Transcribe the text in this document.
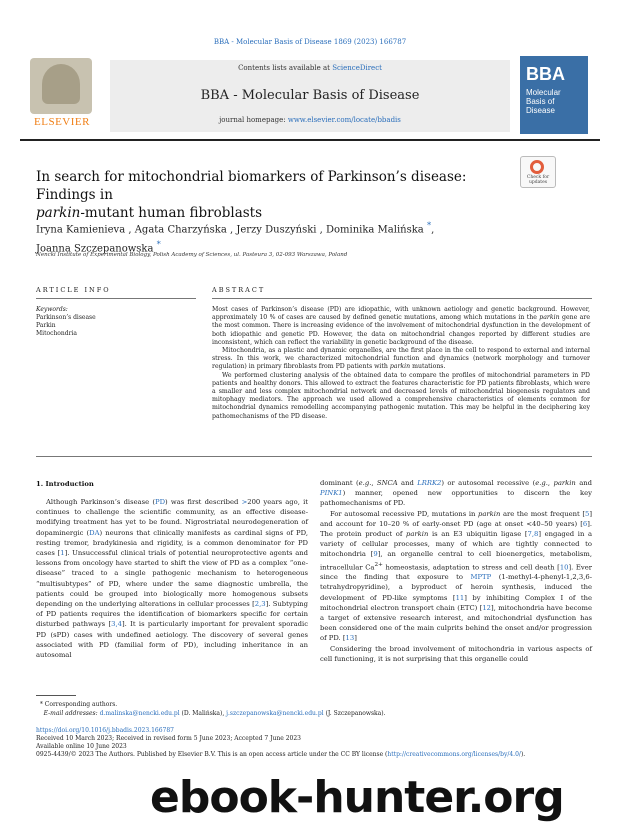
BBA - Molecular Basis of Disease 1869 (2023) 166787
ELSEVIER
Contents lists available at ScienceDirect
BBA - Molecular Basis of Disease
journal homepage: www.elsevier.com/locate/bbadis
BBA
Molecular
Basis of
Disease
In search for mitochondrial biomarkers of Parkinson’s disease: Findings in
parkin-mutant human fibroblasts
Check for
updates
Iryna Kamienieva , Agata Charzyńska , Jerzy Duszyński , Dominika Malińska *,
Joanna Szczepanowska *
Nencki Institute of Experimental Biology, Polish Academy of Sciences, ul. Pasteura 3, 02-093 Warszawa, Poland
ARTICLE INFO	ABSTRACT
Keywords:
Parkinson’s disease
Parkin
Mitochondria

Most cases of Parkinson’s disease (PD) are idiopathic, with unknown aetiology and genetic background. However, approximately 10 % of cases are caused by defined genetic mutations, among which mutations in the parkin gene are the most common. There is increasing evidence of the involvement of mitochondrial dysfunction in the development of both idiopathic and genetic PD. However, the data on mitochondrial changes reported by different studies are inconsistent, which can reflect the variability in genetic background of the disease.

Mitochondria, as a plastic and dynamic organelles, are the first place in the cell to respond to external and internal stress. In this work, we characterized mitochondrial function and dynamics (network morphology and turnover regulation) in primary fibroblasts from PD patients with parkin mutations.

We performed clustering analysis of the obtained data to compare the profiles of mitochondrial parameters in PD patients and healthy donors. This allowed to extract the features characteristic for PD patients fibroblasts, which were a smaller and less complex mitochondrial network and decreased levels of mitochondrial biogenesis regulators and mitophagy mediators. The approach we used allowed a comprehensive characteristics of elements common for mitochondrial dynamics remodelling accompanying pathogenic mutation. This may be helpful in the deciphering key pathomechanisms of the PD disease.

1. Introduction

Although Parkinson’s disease (PD) was first described >200 years ago, it continues to challenge the scientific community, as an effective disease-modifying treatment has yet to be found. Nigrostriatal neurodegeneration of dopaminergic (DA) neurons that clinically manifests as cardinal signs of PD, resting tremor, bradykinesia and rigidity, is a common denominator for PD cases [1]. Unsuccessful clinical trials of potential neuroprotective agents and lessons from oncology have started to shift the view of PD as a complex “one-disease” traced to a single pathogenic mechanism to heterogeneous “multisubtypes” of PD, where under the same diagnostic umbrella, the patients could be grouped into biologically more homogenous subsets depending on the underlying alterations in cellular processes [2,3]. Subtyping of PD patients requires the identification of biomarkers specific for certain disturbed pathways [3,4]. It is particularly important for prevalent sporadic PD (sPD) cases with undefined aetiology. The discovery of several genes associated with PD (familial form of PD), including inheritance in an autosomal

dominant (e.g., SNCA and LRRK2) or autosomal recessive (e.g., parkin and PINK1) manner, opened new opportunities to discern the key pathomechanisms of PD.

For autosomal recessive PD, mutations in parkin are the most frequent [5] and account for 10–20 % of early-onset PD (age at onset <40–50 years) [6]. The protein product of parkin is an E3 ubiquitin ligase [7,8] engaged in a variety of cellular processes, many of which are tightly connected to mitochondria [9], an organelle central to cell bioenergetics, metabolism, intracellular $Ca^{2+}$ homeostasis, adaptation to stress and cell death [10]. Ever since the finding that exposure to MPTP (1-methyl-4-phenyl-1,2,3,6-tetrahydropyridine), a byproduct of heroin synthesis, induced the development of PD-like symptoms [11] by inhibiting Complex I of the mitochondrial electron transport chain (ETC) [12], mitochondria have become a target of extensive research interest, and mitochondrial dysfunction has been considered one of the main culprits behind the onset and/or progression of PD. [13]

Considering the broad involvement of mitochondria in various aspects of cell functioning, it is not surprising that this organelle could

* Corresponding authors.
E-mail addresses: d.malinska@nencki.edu.pl (D. Malińska), j.szczepanowska@nencki.edu.pl (J. Szczepanowska).
https://doi.org/10.1016/j.bbadis.2023.166787
Received 10 March 2023; Received in revised form 5 June 2023; Accepted 7 June 2023
Available online 10 June 2023
0925-4439/© 2023 The Authors. Published by Elsevier B.V. This is an open access article under the CC BY license (http://creativecommons.org/licenses/by/4.0/).
ebook-hunter.org
